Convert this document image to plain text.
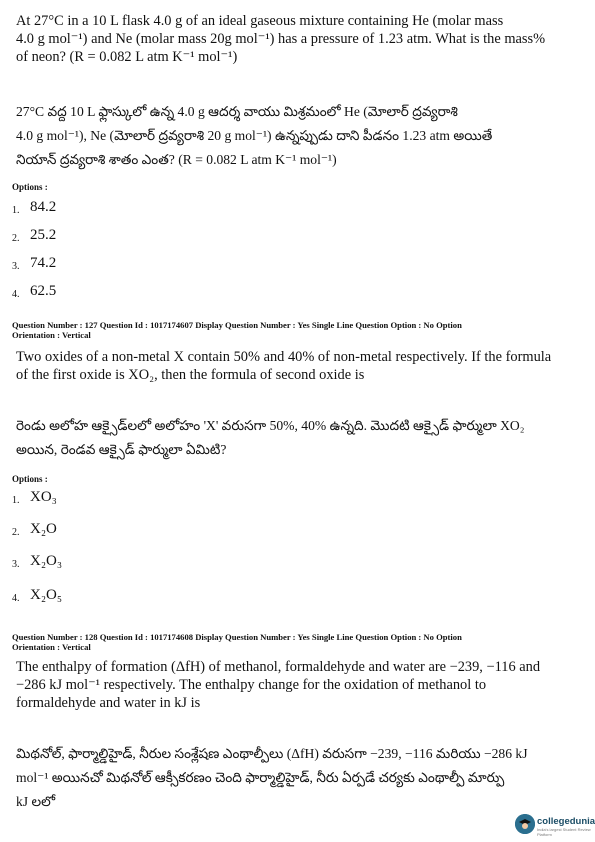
At 27°C in a 10 L flask 4.0 g of an ideal gaseous mixture containing He (molar mass
4.0 g mol⁻¹) and Ne (molar mass 20g mol⁻¹) has a pressure of 1.23 atm. What is the mass%
of neon? (R = 0.082 L atm K⁻¹ mol⁻¹)
27°C వద్ద 10 L ఫ్లాస్కులో ఉన్న 4.0 g ఆదర్శ వాయు మిశ్రమంలో He (మోలార్ ద్రవ్యరాశి
4.0 g mol⁻¹), Ne (మోలార్ ద్రవ్యరాశి 20 g mol⁻¹) ఉన్నప్పుడు దాని పీడనం 1.23 atm అయితే
నియాన్ ద్రవ్యరాశి శాతం ఎంత? (R = 0.082 L atm K⁻¹ mol⁻¹)
Options :
1. 84.2
2. 25.2
3. 74.2
4. 62.5
Question Number : 127 Question Id : 1017174607 Display Question Number : Yes Single Line Question Option : No Option
Orientation : Vertical
Two oxides of a non-metal X contain 50% and 40% of non-metal respectively. If the formula
of the first oxide is XO₂, then the formula of second oxide is
రెండు అలోహ ఆక్సైడ్‌లలో అలోహం 'X' వరుసగా 50%, 40% ఉన్నది. మొదటి ఆక్సైడ్ ఫార్ములా XO₂
అయిన, రెండవ ఆక్సైడ్ ఫార్ములా ఏమిటి?
Options :
1. XO₃
2. X₂O
3. X₂O₃
4. X₂O₅
Question Number : 128 Question Id : 1017174608 Display Question Number : Yes Single Line Question Option : No Option
Orientation : Vertical
The enthalpy of formation (ΔfH) of methanol, formaldehyde and water are −239, −116 and
−286 kJ mol⁻¹ respectively. The enthalpy change for the oxidation of methanol to
formaldehyde and water in kJ is
మిథనోల్, ఫార్మాల్డిహైడ్, నీరుల సంశ్లేషణ ఎంథాల్పీలు (ΔfH) వరుసగా −239, −116 మరియు −286 kJ
mol⁻¹ అయినచో మిథనోల్ ఆక్సీకరణం చెంది ఫార్మాల్డిహైడ్, నీరు ఏర్పడే చర్యకు ఎంథాల్పీ మార్పు
kJ లలో
collegedunia
India's largest Student Review Platform
